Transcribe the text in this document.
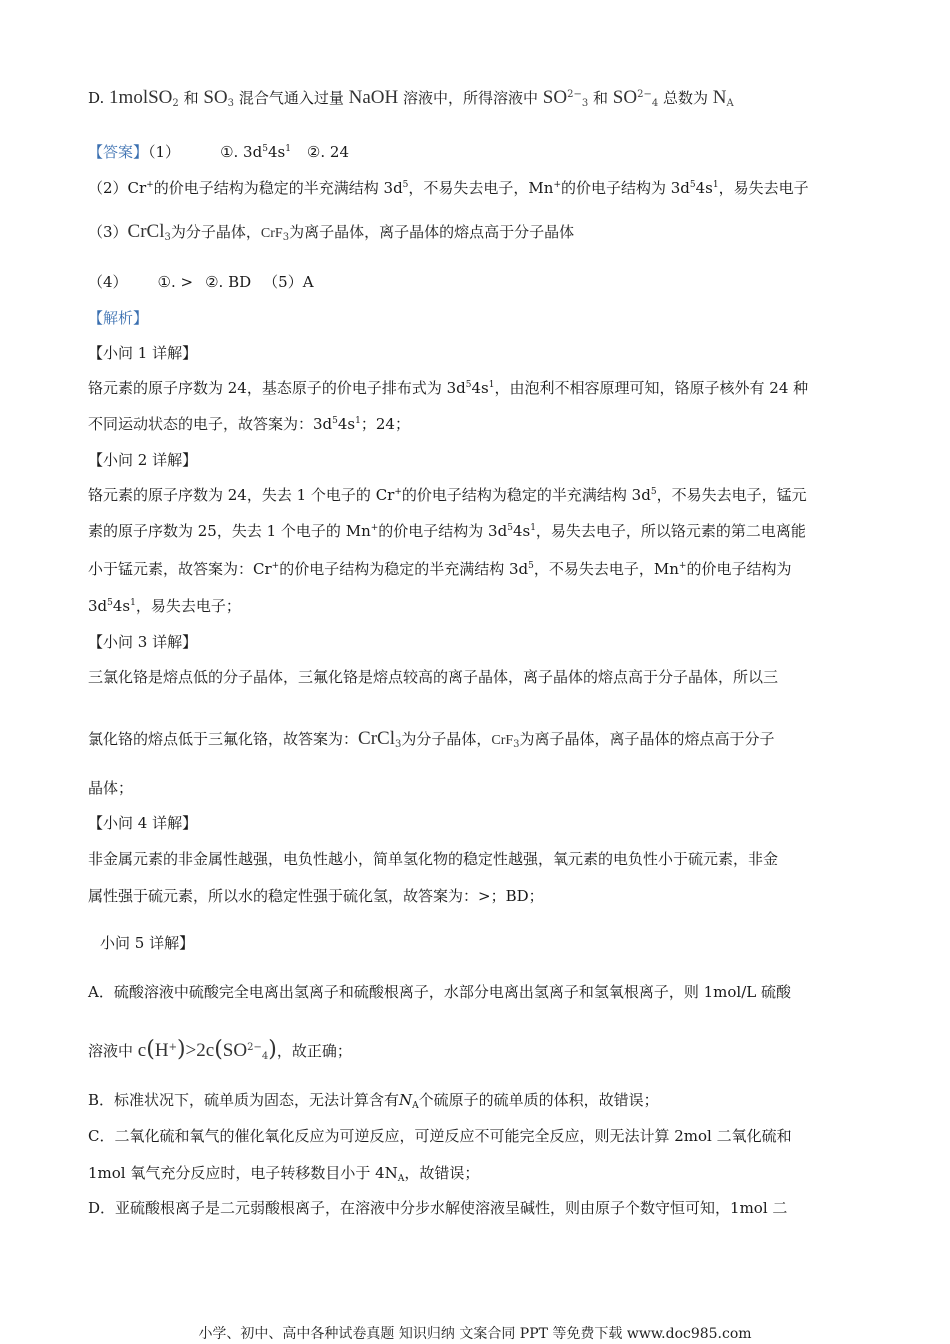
D. 1molSO$_2$ 和 $SO_3$ 混合气通入过量 NaOH 溶液中，所得溶液中 $SO^{2-}_3$ 和 $SO^{2-}_4$ 总数为 $N_A$
【答案】（1）	①. $3d^54s^1$ ②. 24
（2）Cr+的价电子结构为稳定的半充满结构 $3d^5$，不易失去电子，Mn+的价电子结构为 $3d^54s^1$，易失去电子
（3）CrCl$_3$为分子晶体，CrF$_3$为离子晶体，离子晶体的熔点高于分子晶体
（4） ①. > ②. BD （5）A
【解析】
【小问 1 详解】
铬元素的原子序数为 24，基态原子的价电子排布式为 $3d^54s^1$，由泡利不相容原理可知，铬原子核外有 24 种
不同运动状态的电子，故答案为：$3d^54s^1$；24；
【小问 2 详解】
铬元素的原子序数为 24，失去 1 个电子的 Cr+的价电子结构为稳定的半充满结构 $3d^5$，不易失去电子，锰元
素的原子序数为 25，失去 1 个电子的 Mn+的价电子结构为 $3d^54s^1$，易失去电子，所以铬元素的第二电离能
小于锰元素，故答案为：Cr+的价电子结构为稳定的半充满结构 $3d^5$，不易失去电子，Mn+的价电子结构为
$3d^54s^1$，易失去电子；
【小问 3 详解】
三氯化铬是熔点低的分子晶体，三氟化铬是熔点较高的离子晶体，离子晶体的熔点高于分子晶体，所以三
氯化铬的熔点低于三氟化铬，故答案为：CrCl$_3$为分子晶体，CrF$_3$为离子晶体，离子晶体的熔点高于分子
晶体；
【小问 4 详解】
非金属元素的非金属性越强，电负性越小，简单氢化物的稳定性越强，氧元素的电负性小于硫元素，非金
属性强于硫元素，所以水的稳定性强于硫化氢，故答案为：>；BD；
小问 5 详解】
A．硫酸溶液中硫酸完全电离出氢离子和硫酸根离子，水部分电离出氢离子和氢氧根离子，则 1mol/L 硫酸
溶液中 $c(H^+)>2c(SO^{2-}_4)$，故正确；
B．标准状况下，硫单质为固态，无法计算含有$N_A$个硫原子的硫单质的体积，故错误；
C．二氧化硫和氧气的催化氧化反应为可逆反应，可逆反应不可能完全反应，则无法计算 2mol 二氧化硫和
1mol 氧气充分反应时，电子转移数目小于 $4N_A$，故错误；
D．亚硫酸根离子是二元弱酸根离子，在溶液中分步水解使溶液呈碱性，则由原子个数守恒可知，1mol 二
小学、初中、高中各种试卷真题 知识归纳 文案合同 PPT 等免费下载 www.doc985.com
